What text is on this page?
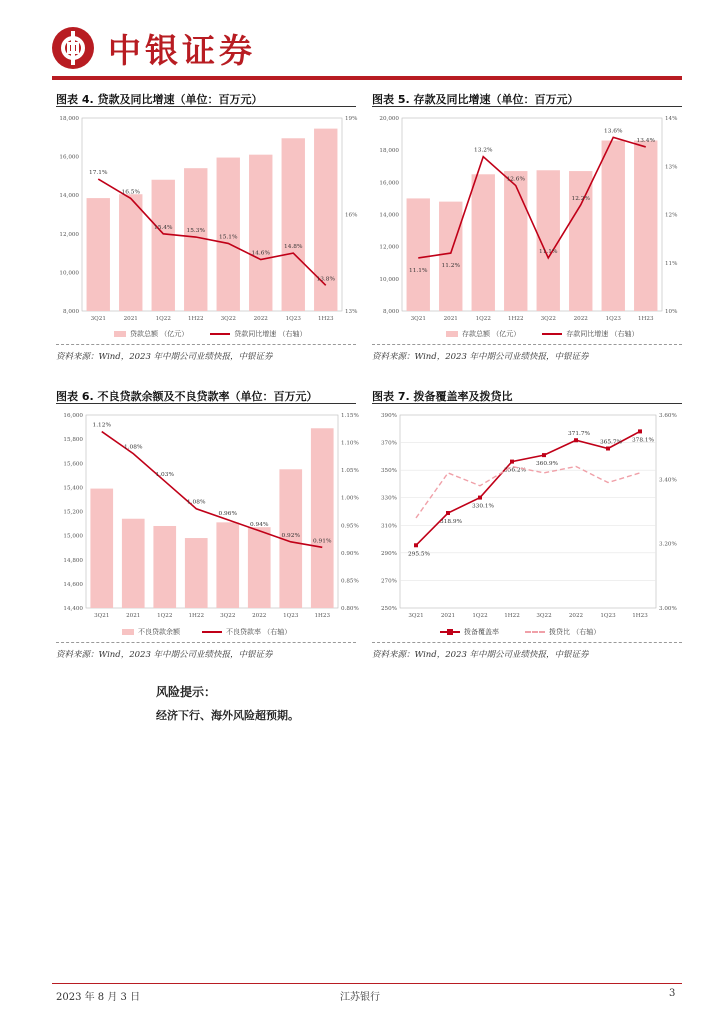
中银证券
图表 4. 贷款及同比增速（单位：百万元）
8,000
10,000
12,000
14,000
16,000
18,000
13%
16%
19%
3Q21	2021	1Q22	1H22	3Q22	2022	1Q23	1H23
17.1%
16.5%
15.4%
15.3%
15.1%
14.6%
14.8%
13.8%
贷款总额 （亿元）	贷款同比增速 （右轴）
资料来源：Wind，2023 年中期公司业绩快报，中银证券
图表 5. 存款及同比增速（单位：百万元）
8,000
10,000
12,000
14,000
16,000
18,000
20,000
10%
11%
12%
13%
14%
3Q21	2021	1Q22	1H22	3Q22	2022	1Q23	1H23
11.1%
11.2%
13.2%
12.6%
11.1%
12.2%
13.6%
13.4%
存款总额 （亿元）	存款同比增速 （右轴）
资料来源：Wind，2023 年中期公司业绩快报，中银证券
图表 6. 不良贷款余额及不良贷款率（单位：百万元）
14,400
14,600
14,800
15,000
15,200
15,400
15,600
15,800
16,000
0.80%
0.85%
0.90%
0.95%
1.00%
1.05%
1.10%
1.15%
3Q21	2021	1Q22	1H22	3Q22	2022	1Q23	1H23
1.12%
1.08%
1.03%
1.08%
0.96%
0.94%
0.92%
0.91%
不良贷款余额	不良贷款率 （右轴）
资料来源：Wind，2023 年中期公司业绩快报，中银证券
图表 7. 拨备覆盖率及拨贷比
250%
270%
290%
310%
330%
350%
370%
390%
3.00%
3.20%
3.40%
3.60%
3Q21	2021	1Q22	1H22	3Q22	2022	1Q23	1H23
295.5%
318.9%
330.1%
356.2%
360.9%
371.7%
365.7% 378.1%
拨备覆盖率	拨贷比 （右轴）
资料来源：Wind，2023 年中期公司业绩快报，中银证券
风险提示：
经济下行、海外风险超预期。
2023 年 8 月 3 日	江苏银行	3
